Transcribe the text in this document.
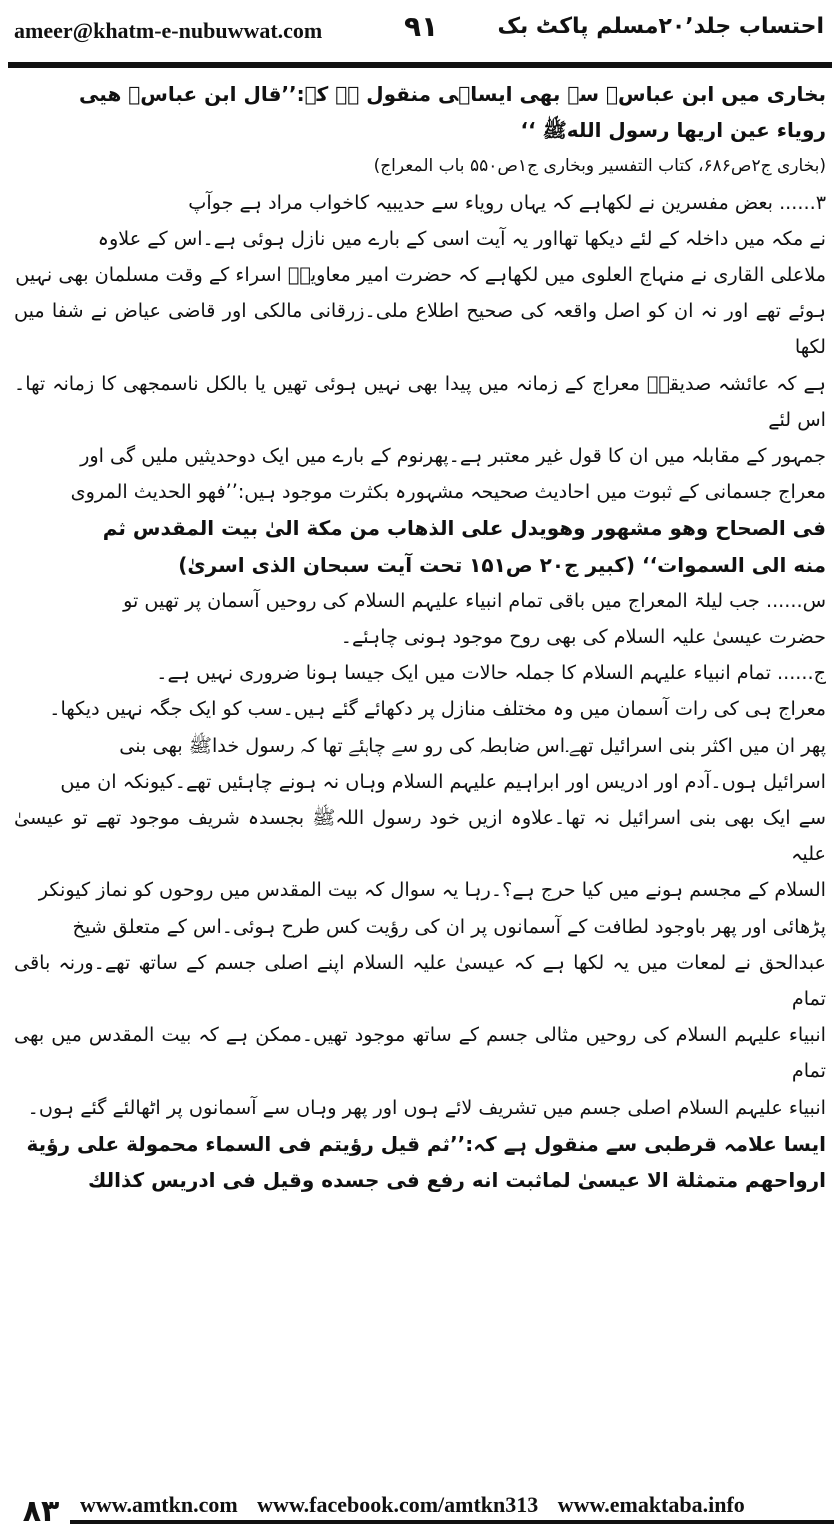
ameer@khatm-e-nubuwwat.com	۹۱	احتساب جلد۲۰٬مسلم پاکٹ بک

بخاری میں ابن عباسؓ سے بھی ایساہی منقول ہے کہ:’’قال ابن عباسؓ هيى

روياء عين اريها رسول اللهﷺ ‘‘

(بخاری ج۲ص۶۸۶، کتاب التفسیر وبخاری ج۱ص۵۵۰ باب المعراج)

۳...... بعض مفسرین نے لکھاہے کہ یہاں رویاء سے حدیبیہ کاخواب مراد ہے جوآپ

نے مکہ میں داخلہ کے لئے دیکھا تھااور یہ آیت اسی کے بارے میں نازل ہوئی ہے۔اس کے علاوہ

ملاعلی القاری نے منہاج العلوی میں لکھاہے کہ حضرت امیر معاویہؓ اسراء کے وقت مسلمان بھی نہیں

ہوئے تھے اور نہ ان کو اصل واقعہ کی صحیح اطلاع ملی۔زرقانی مالکی اور قاضی عیاض نے شفا میں لکھا

ہے کہ عائشہ صدیقہؓ معراج کے زمانہ میں پیدا بھی نہیں ہوئی تھیں یا بالکل ناسمجھی کا زمانہ تھا۔اس لئے

جمہور کے مقابلہ میں ان کا قول غیر معتبر ہے۔پھرنوم کے بارے میں ایک دوحدیثیں ملیں گی اور

معراج جسمانی کے ثبوت میں احادیث صحیحہ مشہورہ بکثرت موجود ہیں:’’فهو الحديث المروی

فی الصحاح وهو مشهور وهويدل على الذهاب من مكة الىٰ بيت المقدس ثم

منه الى السموات‘‘ (کبیر ج۲۰ ص۱۵۱ تحت آیت سبحان الذی اسریٰ)

س...... جب لیلۃ المعراج میں باقی تمام انبیاء علیہم السلام کی روحیں آسمان پر تھیں تو

حضرت عیسیٰ علیہ السلام کی بھی روح موجود ہونی چاہئے۔

ج...... تمام انبیاء علیہم السلام کا جملہ حالات میں ایک جیسا ہونا ضروری نہیں ہے۔

معراج ہی کی رات آسمان میں وہ مختلف منازل پر دکھائے گئے ہیں۔سب کو ایک جگہ نہیں دیکھا۔

پھر ان میں اکثر بنی اسرائیل تھے۔اس ضابطہ کی رو سے چاہئے تھا کہ رسول خداﷺ بھی بنی

اسرائیل ہوں۔آدم اور ادریس اور ابراہیم علیہم السلام وہاں نہ ہونے چاہئیں تھے۔کیونکہ ان میں

سے ایک بھی بنی اسرائیل نہ تھا۔علاوہ ازیں خود رسول اللہﷺ بجسدہ شریف موجود تھے تو عیسیٰ علیہ

السلام کے مجسم ہونے میں کیا حرج ہے؟۔رہا یہ سوال کہ بیت المقدس میں روحوں کو نماز کیونکر

پڑھائی اور پھر باوجود لطافت کے آسمانوں پر ان کی رؤیت کس طرح ہوئی۔اس کے متعلق شیخ

عبدالحق نے لمعات میں یہ لکھا ہے کہ عیسیٰ علیہ السلام اپنے اصلی جسم کے ساتھ تھے۔ورنہ باقی تمام

انبیاء علیہم السلام کی روحیں مثالی جسم کے ساتھ موجود تھیں۔ممکن ہے کہ بیت المقدس میں بھی تمام

انبیاء علیہم السلام اصلی جسم میں تشریف لائے ہوں اور پھر وہاں سے آسمانوں پر اٹھالئے گئے ہوں۔

ایسا علامہ قرطبی سے منقول ہے کہ:’’ثم قيل رؤيتم فی السماء محمولة على رؤية

ارواحهم متمثلة الا عيسىٰ لماثبت انه رفع فی جسده وقيل فی ادريس كذالك

۸۳ www.amtkn.com www.facebook.com/amtkn313 www.emaktaba.info
